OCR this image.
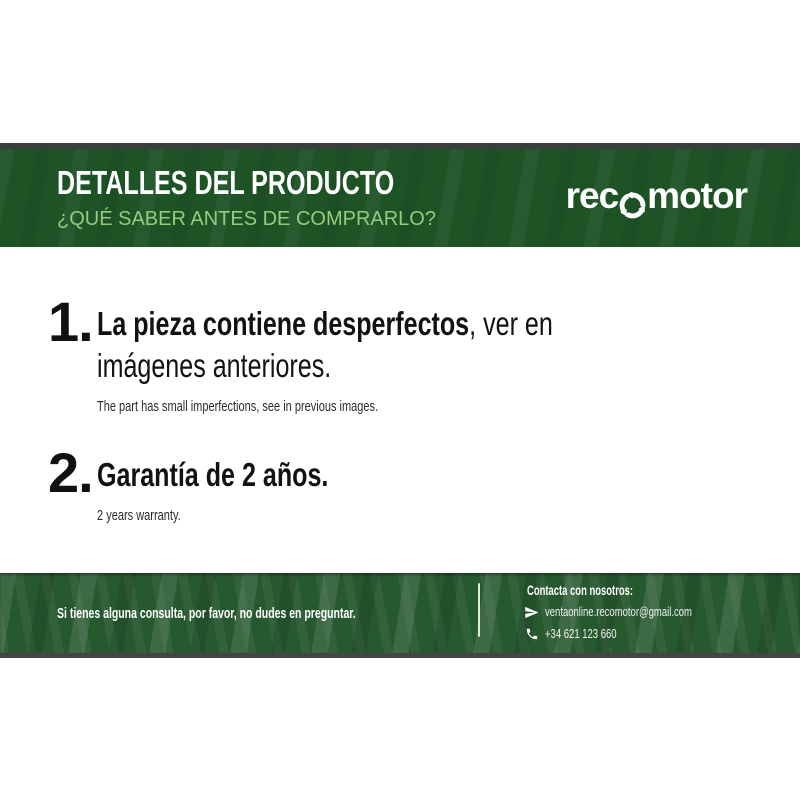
DETALLES DEL PRODUCTO
¿QUÉ SABER ANTES DE COMPRARLO?
rec motor
1. La pieza contiene desperfectos, ver en
imágenes anteriores.
The part has small imperfections, see in previous images.
2. Garantía de 2 años.
2 years warranty.
Si tienes alguna consulta, por favor, no dudes en preguntar.
Contacta con nosotros:
ventaonline.recomotor@gmail.com
+34 621 123 660
